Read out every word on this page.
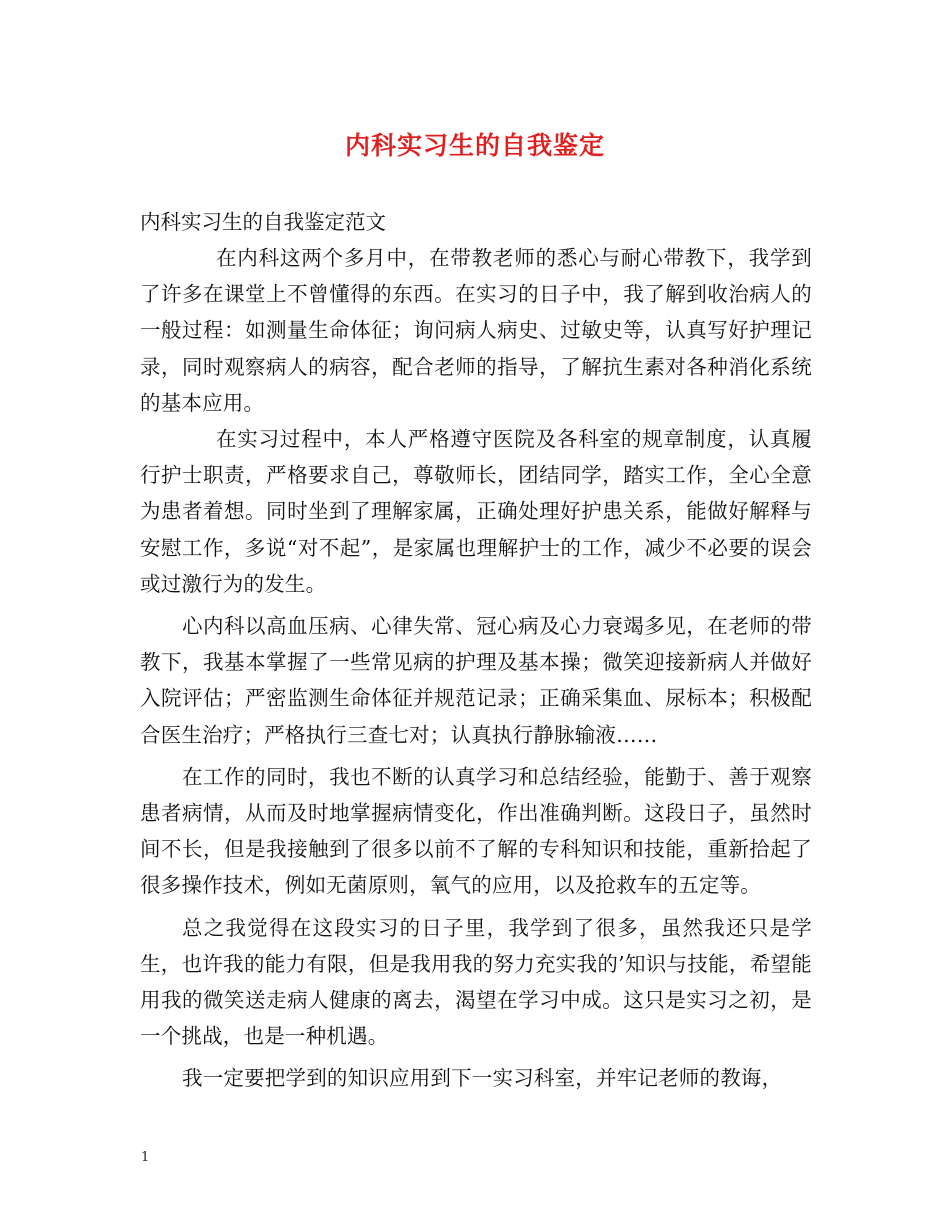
内科实习生的自我鉴定

内科实习生的自我鉴定范文

在内科这两个多月中，在带教老师的悉心与耐心带教下，我学到了许多在课堂上不曾懂得的东西。在实习的日子中，我了解到收治病人的一般过程：如测量生命体征；询问病人病史、过敏史等，认真写好护理记录，同时观察病人的病容，配合老师的指导，了解抗生素对各种消化系统的基本应用。

在实习过程中，本人严格遵守医院及各科室的规章制度，认真履行护士职责，严格要求自己，尊敬师长，团结同学，踏实工作，全心全意为患者着想。同时坐到了理解家属，正确处理好护患关系，能做好解释与安慰工作，多说“对不起”，是家属也理解护士的工作，减少不必要的误会或过激行为的发生。

心内科以高血压病、心律失常、冠心病及心力衰竭多见，在老师的带教下，我基本掌握了一些常见病的护理及基本操；微笑迎接新病人并做好入院评估；严密监测生命体征并规范记录；正确采集血、尿标本；积极配合医生治疗；严格执行三查七对；认真执行静脉输液……

在工作的同时，我也不断的认真学习和总结经验，能勤于、善于观察患者病情，从而及时地掌握病情变化，作出准确判断。这段日子，虽然时间不长，但是我接触到了很多以前不了解的专科知识和技能，重新拾起了很多操作技术，例如无菌原则，氧气的应用，以及抢救车的五定等。

总之我觉得在这段实习的日子里，我学到了很多，虽然我还只是学生，也许我的能力有限，但是我用我的努力充实我的’知识与技能，希望能用我的微笑送走病人健康的离去，渴望在学习中成。这只是实习之初，是一个挑战，也是一种机遇。

我一定要把学到的知识应用到下一实习科室，并牢记老师的教诲，

1
